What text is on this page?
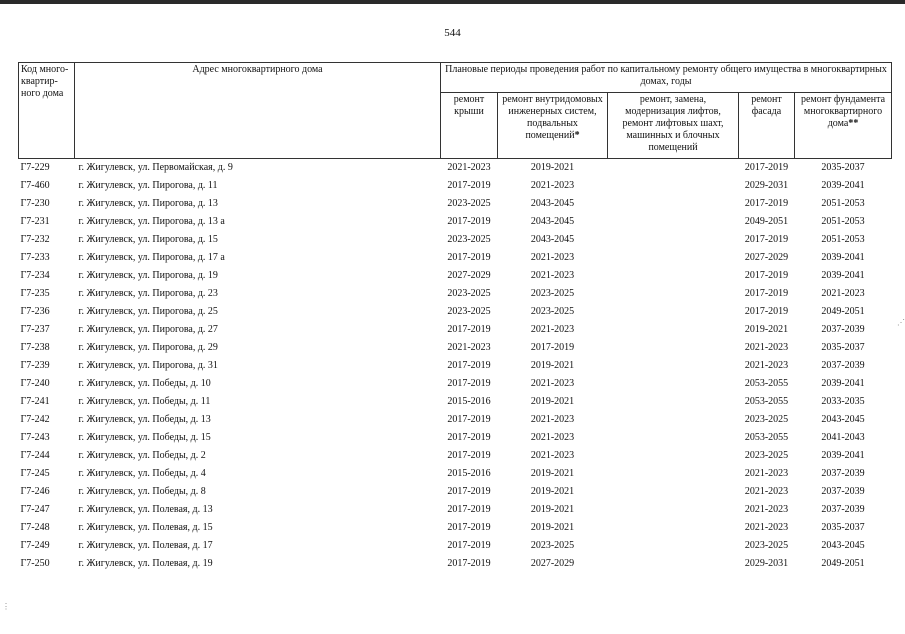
544
Код много-квартир-ного дома	Адрес многоквартирного дома	Плановые периоды проведения работ по капитальному ремонту общего имущества в многоквартирных домах, годы				
		ремонт крыши	ремонт внутридомовых инженерных систем, подвальных помещений*	ремонт, замена, модернизация лифтов, ремонт лифтовых шахт, машинных и блочных помещений	ремонт фасада	ремонт фундамента многоквартирного дома**
Г7-229	г. Жигулевск, ул. Первомайская, д. 9	2021-2023	2019-2021		2017-2019	2035-2037
Г7-460	г. Жигулевск, ул. Пирогова, д. 11	2017-2019	2021-2023		2029-2031	2039-2041
Г7-230	г. Жигулевск, ул. Пирогова, д. 13	2023-2025	2043-2045		2017-2019	2051-2053
Г7-231	г. Жигулевск, ул. Пирогова, д. 13 а	2017-2019	2043-2045		2049-2051	2051-2053
Г7-232	г. Жигулевск, ул. Пирогова, д. 15	2023-2025	2043-2045		2017-2019	2051-2053
Г7-233	г. Жигулевск, ул. Пирогова, д. 17 а	2017-2019	2021-2023		2027-2029	2039-2041
Г7-234	г. Жигулевск, ул. Пирогова, д. 19	2027-2029	2021-2023		2017-2019	2039-2041
Г7-235	г. Жигулевск, ул. Пирогова, д. 23	2023-2025	2023-2025		2017-2019	2021-2023
Г7-236	г. Жигулевск, ул. Пирогова, д. 25	2023-2025	2023-2025		2017-2019	2049-2051
Г7-237	г. Жигулевск, ул. Пирогова, д. 27	2017-2019	2021-2023		2019-2021	2037-2039
Г7-238	г. Жигулевск, ул. Пирогова, д. 29	2021-2023	2017-2019		2021-2023	2035-2037
Г7-239	г. Жигулевск, ул. Пирогова, д. 31	2017-2019	2019-2021		2021-2023	2037-2039
Г7-240	г. Жигулевск, ул. Победы, д. 10	2017-2019	2021-2023		2053-2055	2039-2041
Г7-241	г. Жигулевск, ул. Победы, д. 11	2015-2016	2019-2021		2053-2055	2033-2035
Г7-242	г. Жигулевск, ул. Победы, д. 13	2017-2019	2021-2023		2023-2025	2043-2045
Г7-243	г. Жигулевск, ул. Победы, д. 15	2017-2019	2021-2023		2053-2055	2041-2043
Г7-244	г. Жигулевск, ул. Победы, д. 2	2017-2019	2021-2023		2023-2025	2039-2041
Г7-245	г. Жигулевск, ул. Победы, д. 4	2015-2016	2019-2021		2021-2023	2037-2039
Г7-246	г. Жигулевск, ул. Победы, д. 8	2017-2019	2019-2021		2021-2023	2037-2039
Г7-247	г. Жигулевск, ул. Полевая, д. 13	2017-2019	2019-2021		2021-2023	2037-2039
Г7-248	г. Жигулевск, ул. Полевая, д. 15	2017-2019	2019-2021		2021-2023	2035-2037
Г7-249	г. Жигулевск, ул. Полевая, д. 17	2017-2019	2023-2025		2023-2025	2043-2045
Г7-250	г. Жигулевск, ул. Полевая, д. 19	2017-2019	2027-2029		2029-2031	2049-2051
⋰
⋮
